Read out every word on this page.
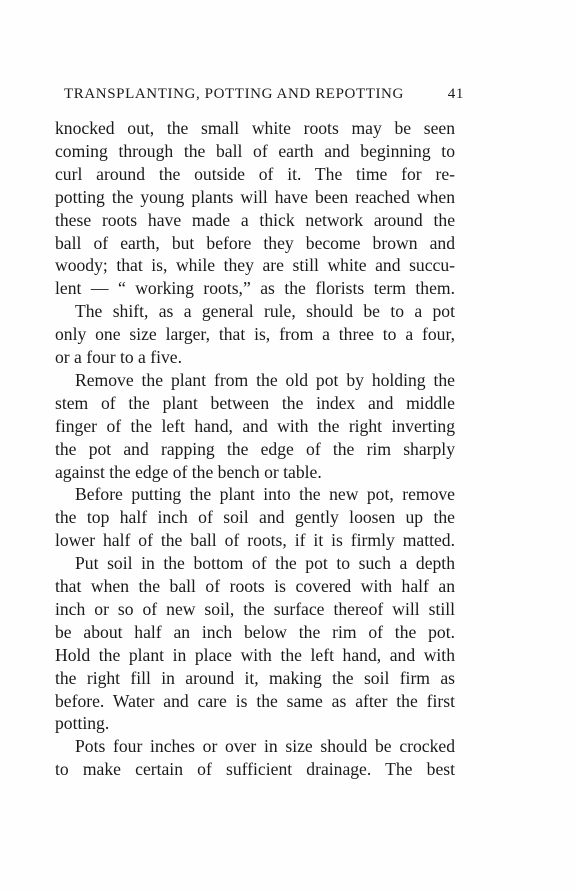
TRANSPLANTING, POTTING AND REPOTTING	41
knocked out, the small white roots may be seen
coming through the ball of earth and beginning to
curl around the outside of it. The time for re-
potting the young plants will have been reached when
these roots have made a thick network around the
ball of earth, but before they become brown and
woody; that is, while they are still white and succu-
lent — “ working roots,” as the florists term them.
The shift, as a general rule, should be to a pot
only one size larger, that is, from a three to a four,
or a four to a five.
Remove the plant from the old pot by holding the
stem of the plant between the index and middle
finger of the left hand, and with the right inverting
the pot and rapping the edge of the rim sharply
against the edge of the bench or table.
Before putting the plant into the new pot, remove
the top half inch of soil and gently loosen up the
lower half of the ball of roots, if it is firmly matted.
Put soil in the bottom of the pot to such a depth
that when the ball of roots is covered with half an
inch or so of new soil, the surface thereof will still
be about half an inch below the rim of the pot.
Hold the plant in place with the left hand, and with
the right fill in around it, making the soil firm as
before. Water and care is the same as after the first
potting.
Pots four inches or over in size should be crocked
to make certain of sufficient drainage. The best
